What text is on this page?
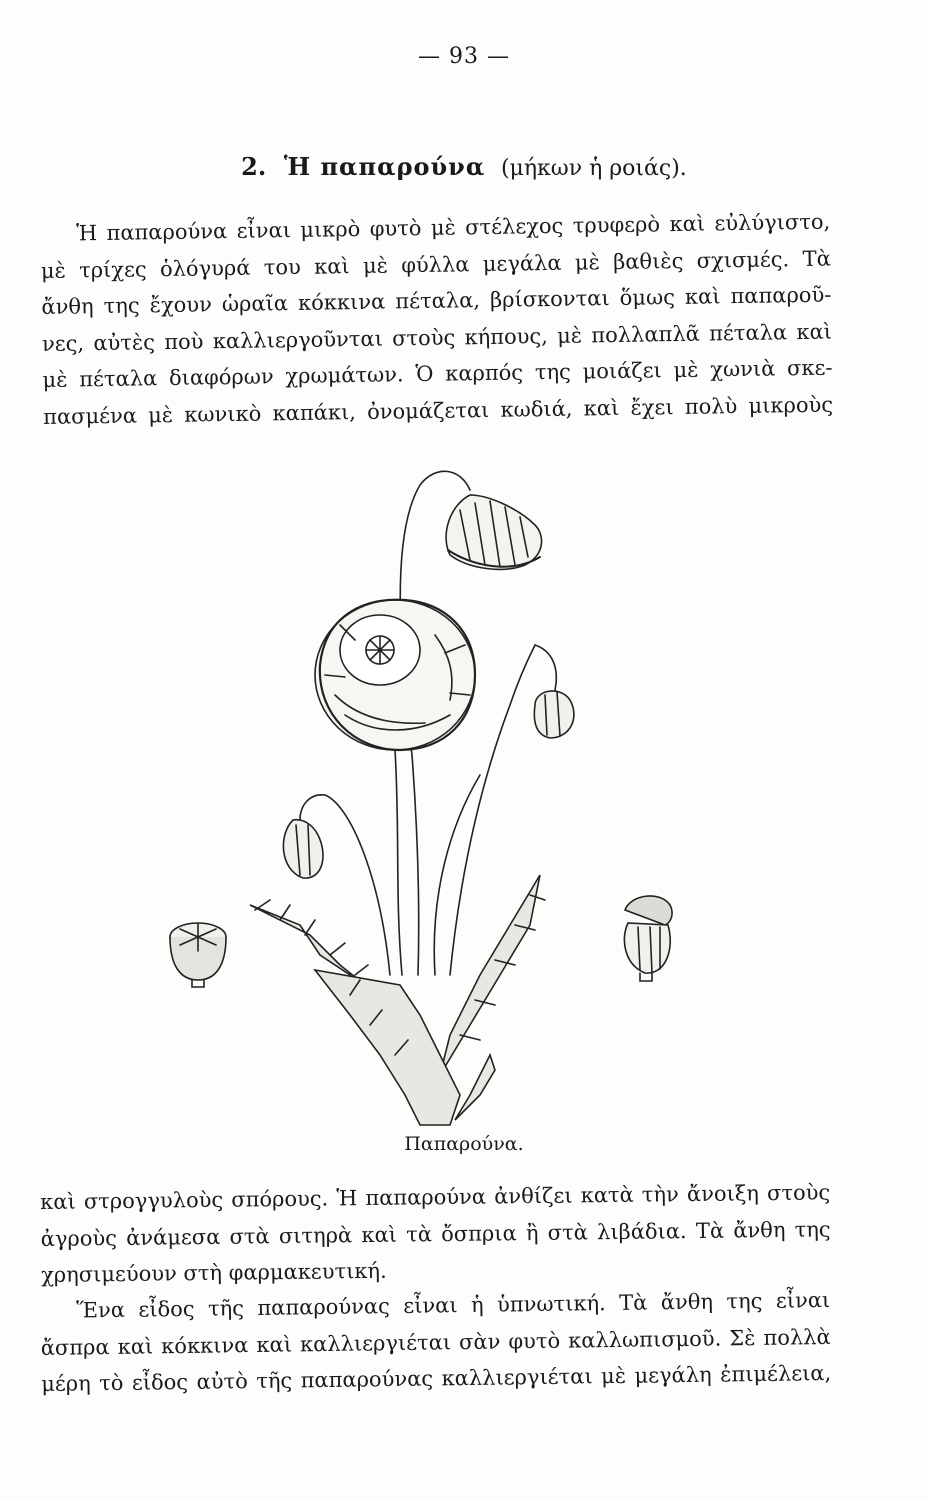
— 93 —
2. Ἡ παπαρούνα (μήκων ἡ ροιάς).
Ἡ παπαρούνα εἶναι μικρὸ φυτὸ μὲ στέλεχος τρυφερὸ καὶ εὐλύγιστο,
μὲ τρίχες ὁλόγυρά του καὶ μὲ φύλλα μεγάλα μὲ βαθιὲς σχισμές. Τὰ
ἄνθη της ἔχουν ὡραῖα κόκκινα πέταλα, βρίσκονται ὅμως καὶ παπαροῦ-
νες, αὐτὲς ποὺ καλλιεργοῦνται στοὺς κήπους, μὲ πολλαπλᾶ πέταλα καὶ
μὲ πέταλα διαφόρων χρωμάτων. Ὁ καρπός της μοιάζει μὲ χωνιὰ σκε-
πασμένα μὲ κωνικὸ καπάκι, ὀνομάζεται κωδιά, καὶ ἔχει πολὺ μικροὺς
Παπαρούνα.
καὶ στρογγυλοὺς σπόρους. Ἡ παπαρούνα ἀνθίζει κατὰ τὴν ἄνοιξη στοὺς
ἀγροὺς ἀνάμεσα στὰ σιτηρὰ καὶ τὰ ὄσπρια ἢ στὰ λιβάδια. Τὰ ἄνθη της
χρησιμεύουν στὴ φαρμακευτική.
Ἕνα εἶδος τῆς παπαρούνας εἶναι ἡ ὑπνωτική. Τὰ ἄνθη της εἶναι
ἄσπρα καὶ κόκκινα καὶ καλλιεργιέται σὰν φυτὸ καλλωπισμοῦ. Σὲ πολλὰ
μέρη τὸ εἶδος αὐτὸ τῆς παπαρούνας καλλιεργιέται μὲ μεγάλη ἐπιμέλεια,
